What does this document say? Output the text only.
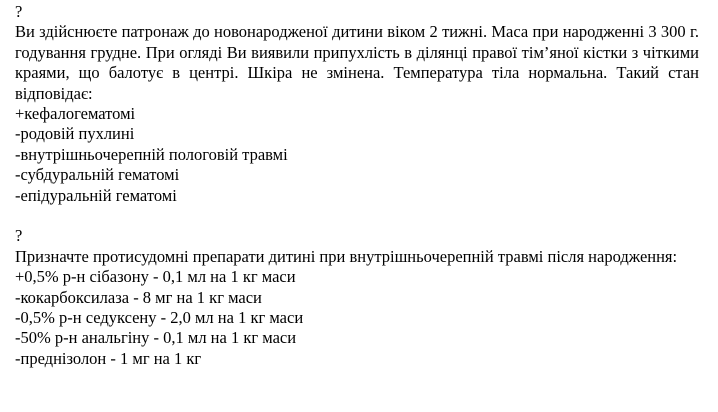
?
Ви здійснюєте патронаж до новонародженої дитини віком 2 тижні. Маса при народженні 3 300 г. годування грудне. При огляді Ви виявили припухлість в ділянці правої тім’яної кістки з чіткими краями, що балотує в центрі. Шкіра не змінена. Температура тіла нормальна. Такий стан відповідає:
+кефалогематомі
-родовій пухлині
-внутрішньочерепній пологовій травмі
-субдуральній гематомі
-епідуральній гематомі
?
Призначте протисудомні препарати дитині при внутрішньочерепній травмі після народження:
+0,5% р-н сібазону - 0,1 мл на 1 кг маси
-кокарбоксилаза - 8 мг на 1 кг маси
-0,5% р-н седуксену - 2,0 мл на 1 кг маси
-50% р-н анальгіну - 0,1 мл на 1 кг маси
-преднізолон - 1 мг на 1 кг
